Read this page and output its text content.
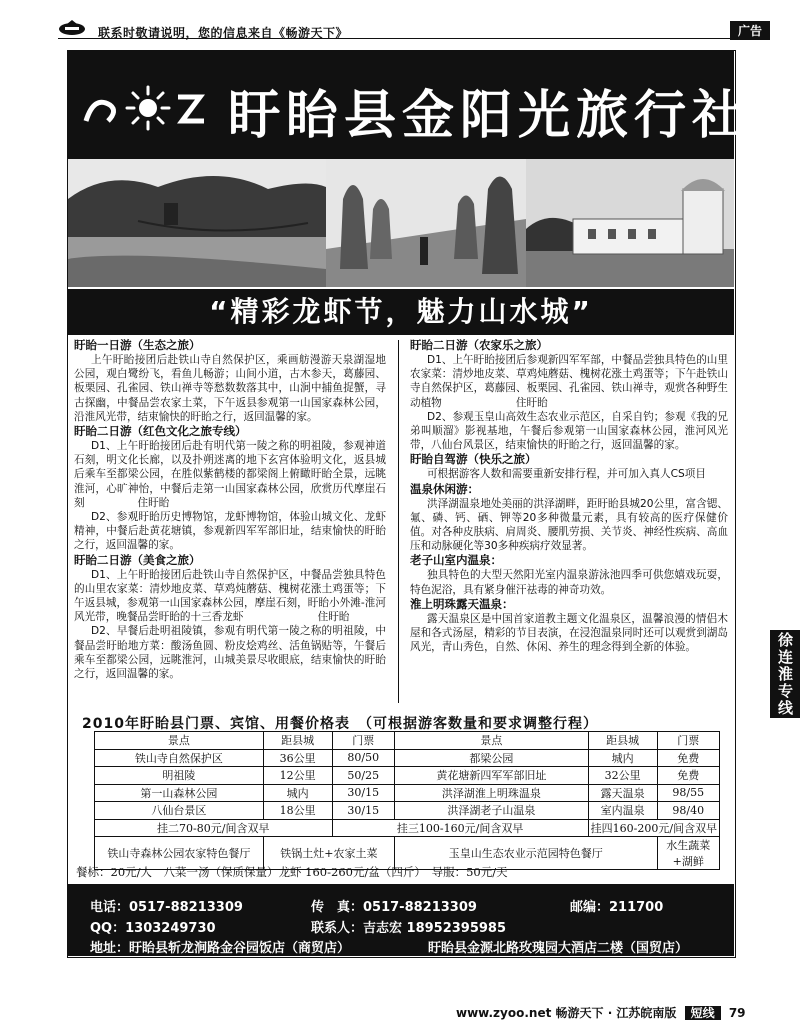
联系时敬请说明，您的信息来自《畅游天下》	广告
盱眙县金阳光旅行社
“精彩龙虾节，魅力山水城”
盱眙一日游（生态之旅）

上午盱眙接团后赴铁山寺自然保护区，乘画舫漫游天泉湖湿地公园，观白鹭纷飞，看鱼儿畅游；山间小道，古木参天，葛藤园、板栗园、孔雀园、铁山禅寺等愁数数落其中，山涧中捕鱼捉蟹，寻古探幽，中餐品尝农家土菜，下午返县参观第一山国家森林公园，沿淮风光带，结束愉快的盱眙之行，返回温馨的家。

盱眙二日游（红色文化之旅专线）

D1、上午盱眙接团后赴有明代第一陵之称的明祖陵，参观神道石刻，明文化长廊，以及扑朔迷离的地下玄宫体验明文化，返县城后乘车至都梁公园，在胜似紫鹤楼的都梁阁上俯瞰盱眙全景，远眺淮河，心旷神怡，中餐后走第一山国家森林公园，欣赏历代摩崖石刻　　　　　住盱眙

D2、参观盱眙历史博物馆，龙虾博物馆，体验山城文化、龙虾精神，中餐后赴黄花塘镇，参观新四军军部旧址，结束愉快的盱眙之行，返回温馨的家。

盱眙二日游（美食之旅）

D1、上午盱眙接团后赴铁山寺自然保护区，中餐品尝独具特色的山里农家菜：清炒地皮菜、草鸡炖蘑菇、槐树花涨土鸡蛋等；下午返县城，参观第一山国家森林公园，摩崖石刻，盱眙小外滩-淮河风光带，晚餐品尝盱眙的十三香龙虾　　　　　　　住盱眙

D2、早餐后赴明祖陵镇，参观有明代第一陵之称的明祖陵，中餐品尝盱眙地方菜：酸汤鱼圆、粉皮烩鸡丝、活鱼锅贴等，午餐后乘车至都梁公园，远眺淮河，山城美景尽收眼底，结束愉快的盱眙之行，返回温馨的家。

盱眙二日游（农家乐之旅）

D1、上午盱眙接团后参观新四军军部，中餐品尝独具特色的山里农家菜：清炒地皮菜、草鸡炖蘑菇、槐树花涨土鸡蛋等；下午赴铁山寺自然保护区，葛藤园、板栗园、孔雀园、铁山禅寺，观赏各种野生动植物　　　　　　　住盱眙

D2、参观玉皇山高效生态农业示范区，自采自钓；参观《我的兄弟叫顺溜》影视基地，午餐后参观第一山国家森林公园，淮河风光带，八仙台风景区，结束愉快的盱眙之行，返回温馨的家。

盱眙自驾游（快乐之旅）

可根据游客人数和需要重新安排行程，并可加入真人CS项目

温泉休闲游：

洪泽湖温泉地处美丽的洪泽湖畔，距盱眙县城20公里，富含锶、氟、磷、钙、硒、钾等20多种微量元素，具有较高的医疗保健价值。对各种皮肤病、肩周炎、腰肌劳损、关节炎、神经性疾病、高血压和动脉硬化等30多种疾病疗效显著。

老子山室内温泉：

独具特色的大型天然阳光室内温泉游泳池四季可供您嬉戏玩耍，特色泥浴，具有紧身催汗祛毒的神奇功效。

淮上明珠露天温泉：

露天温泉区是中国首家道教主题文化温泉区，温馨浪漫的情侣木屋和各式汤屋，精彩的节目表演，在浸泡温泉同时还可以观赏到湖岛风光，青山秀色，自然、休闲、养生的理念得到全新的体验。	徐连淮专线
2010年盱眙县门票、宾馆、用餐价格表　（可根据游客数量和要求调整行程）
景点	距县城	门票	景点	距县城	门票
铁山寺自然保护区	36公里	80/50	都梁公园	城内	免费
明祖陵	12公里	50/25	黄花塘新四军军部旧址	32公里	免费
第一山森林公园	城内	30/15	洪泽湖淮上明珠温泉	露天温泉	98/55
八仙台景区	18公里	30/15	洪泽湖老子山温泉	室内温泉	98/40
挂二70-80元/间含双早		挂三100-160元/间含双早		挂四160-200元/间含双早	
铁山寺森林公园农家特色餐厅	铁锅土灶+农家土菜		玉皇山生态农业示范园特色餐厅		水生蔬菜+湖鲜
餐标：20元/人　八菜一汤（保质保量）龙虾 160-260元/盆（四斤）　导服：50元/天
电话：0517-88213309	传　真：0517-88213309	邮编：211700
QQ：1303249730	联系人：吉志宏 18952395985
地址：盱眙县斩龙涧路金谷园饭店（商贸店）	盱眙县金源北路玫瑰园大酒店二楼（国贸店）
www.zyoo.net 畅游天下 · 江苏皖南版 短线 79
